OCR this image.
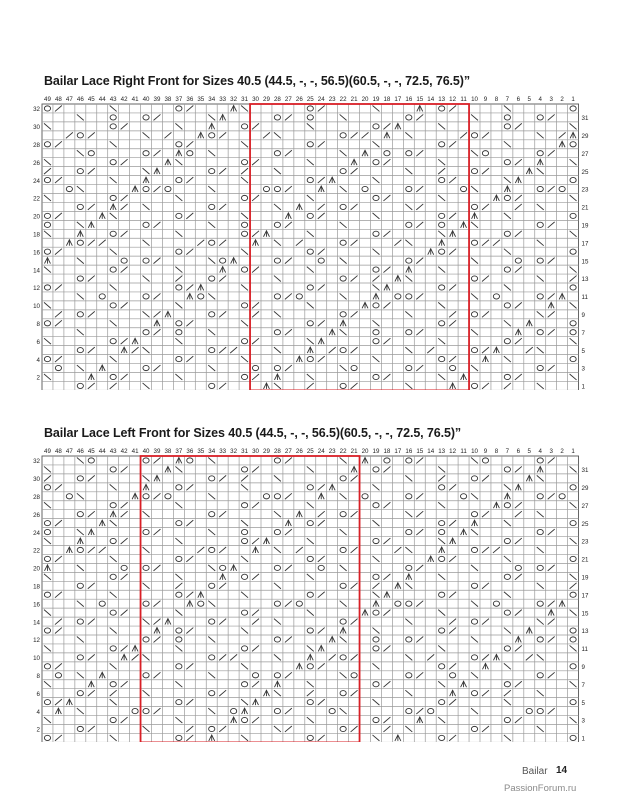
Bailar Lace Right Front for Sizes 40.5 (44.5, -, -, 56.5)(60.5, -, -, 72.5, 76.5)”
49 48 47 46 45 44 43 42 41 40 39 38 37 36 35 34 33 32 31 30 29 28 27 26 25 24 23 22 21 20 19 18 17 16 15 14 13 12 11 10 9 8 7 6 5 4 3 2 1
32
30
28
26
24
22
20
18
16
14
12
10
8
6
4
2
31
29
27
25
23
21
19
17
15
13
11
9
7
5
3
1
Bailar Lace Left Front for Sizes 40.5 (44.5, -, -, 56.5)(60.5, -, -, 72.5, 76.5)”
49 48 47 46 45 44 43 42 41 40 39 38 37 36 35 34 33 32 31 30 29 28 27 26 25 24 23 22 21 20 19 18 17 16 15 14 13 12 11 10 9 8 7 6 5 4 3 2 1
32
30
28
26
24
22
20
18
16
14
12
10
8
6
4
2
31
29
27
25
23
21
19
17
15
13
11
9
7
5
3
1
Bailar 14
PassionForum.ru
